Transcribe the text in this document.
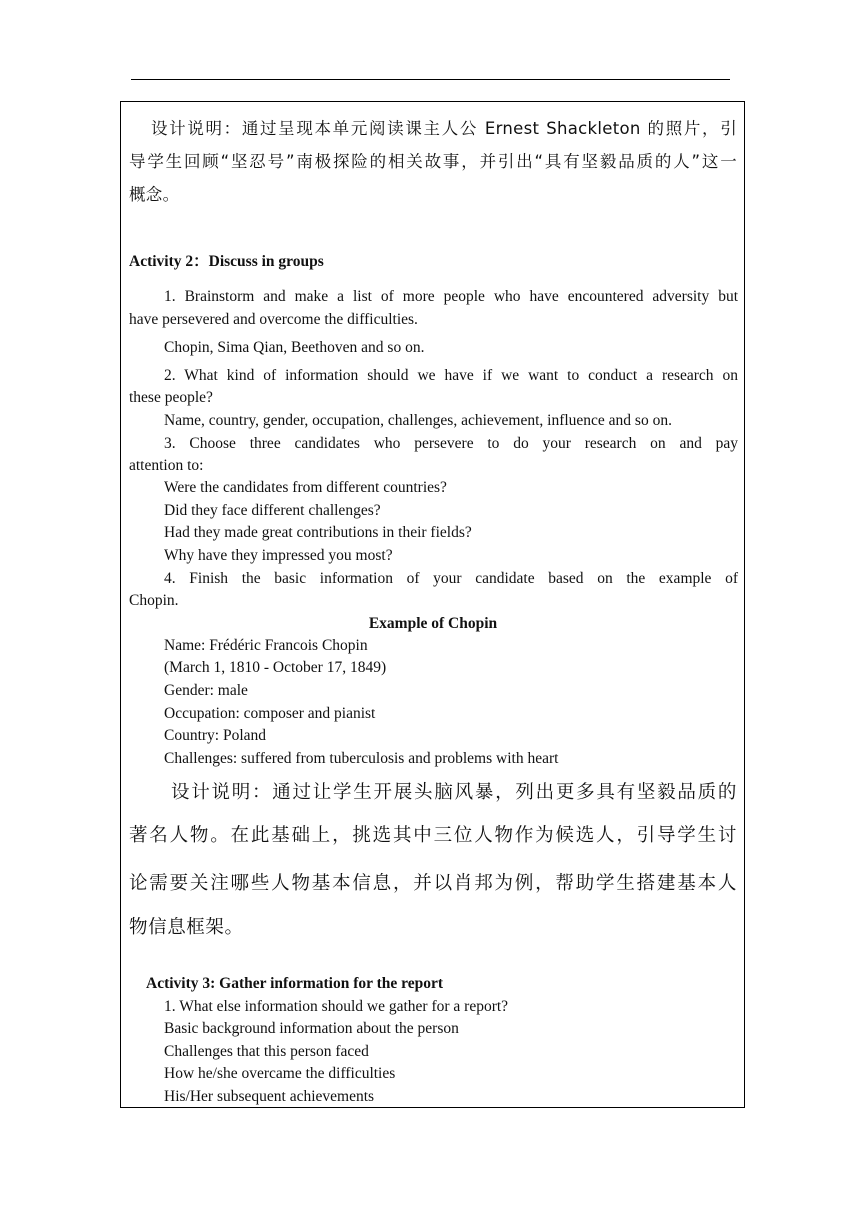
设计说明：通过呈现本单元阅读课主人公 Ernest Shackleton 的照片，引
导学生回顾“坚忍号”南极探险的相关故事，并引出“具有坚毅品质的人”这一
概念。
Activity 2：Discuss in groups
1. Brainstorm and make a list of more people who have encountered adversity but
have persevered and overcome the difficulties.
Chopin, Sima Qian, Beethoven and so on.
2. What kind of information should we have if we want to conduct a research on
these people?
Name, country, gender, occupation, challenges, achievement, influence and so on.
3. Choose three candidates who persevere to do your research on and pay
attention to:
Were the candidates from different countries?
Did they face different challenges?
Had they made great contributions in their fields?
Why have they impressed you most?
4. Finish the basic information of your candidate based on the example of
Chopin.
Example of Chopin
Name: Frédéric Francois Chopin
(March 1, 1810 - October 17, 1849)
Gender: male
Occupation: composer and pianist
Country: Poland
Challenges: suffered from tuberculosis and problems with heart
设计说明：通过让学生开展头脑风暴，列出更多具有坚毅品质的
著名人物。在此基础上，挑选其中三位人物作为候选人，引导学生讨
论需要关注哪些人物基本信息，并以肖邦为例，帮助学生搭建基本人
物信息框架。
Activity 3: Gather information for the report
1. What else information should we gather for a report?
Basic background information about the person
Challenges that this person faced
How he/she overcame the difficulties
His/Her subsequent achievements
